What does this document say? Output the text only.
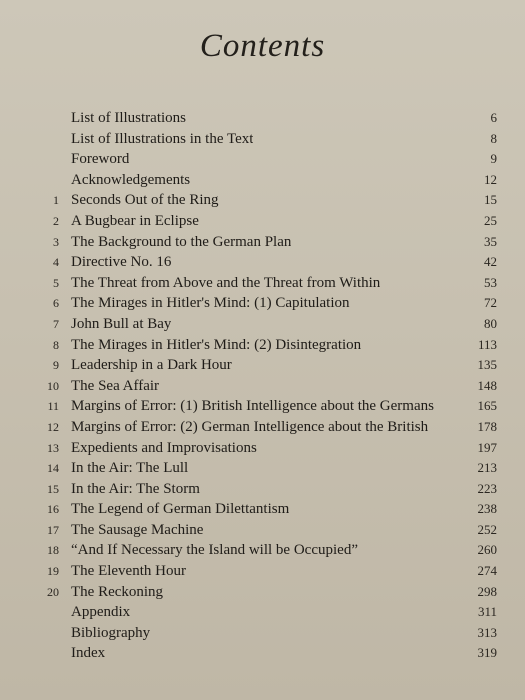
Contents
List of Illustrations	6
List of Illustrations in the Text	8
Foreword	9
Acknowledgements	12
1 Seconds Out of the Ring	15
2 A Bugbear in Eclipse	25
3 The Background to the German Plan	35
4 Directive No. 16	42
5 The Threat from Above and the Threat from Within	53
6 The Mirages in Hitler's Mind: (1) Capitulation	72
7 John Bull at Bay	80
8 The Mirages in Hitler's Mind: (2) Disintegration	113
9 Leadership in a Dark Hour	135
10 The Sea Affair	148
11 Margins of Error: (1) British Intelligence about the Germans	165
12 Margins of Error: (2) German Intelligence about the British	178
13 Expedients and Improvisations	197
14 In the Air: The Lull	213
15 In the Air: The Storm	223
16 The Legend of German Dilettantism	238
17 The Sausage Machine	252
18 “And If Necessary the Island will be Occupied”	260
19 The Eleventh Hour	274
20 The Reckoning	298
Appendix	311
Bibliography	313
Index	319
